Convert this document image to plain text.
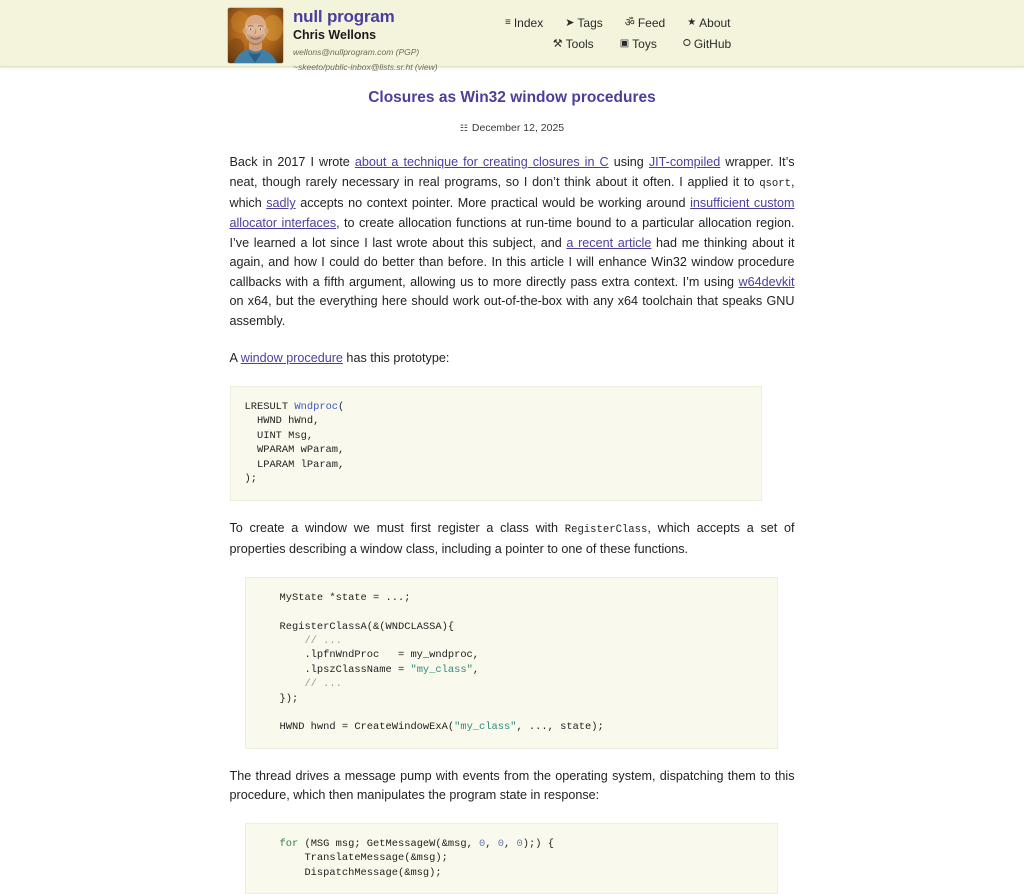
null program
Chris Wellons
wellons@nullprogram.com (PGP)
~skeeto/public-inbox@lists.sr.ht (view)
≡ Index ➤ Tags ॐ Feed ★ About
⚒ Tools	▣ Toys	⭘ GitHub
Closures as Win32 window procedures
☷ December 12, 2025

Back in 2017 I wrote about a technique for creating closures in C using JIT-compiled wrapper. It’s neat, though rarely necessary in real programs, so I don’t think about it often. I applied it to qsort, which sadly accepts no context pointer. More practical would be working around insufficient custom allocator interfaces, to create allocation functions at run-time bound to a particular allocation region. I’ve learned a lot since I last wrote about this subject, and a recent article had me thinking about it again, and how I could do better than before. In this article I will enhance Win32 window procedure callbacks with a fifth argument, allowing us to more directly pass extra context. I’m using w64devkit on x64, but the everything here should work out-of-the-box with any x64 toolchain that speaks GNU assembly.

A window procedure has this prototype:

LRESULT Wndproc(
HWND hWnd,
UINT Msg,
WPARAM wParam,
LPARAM lParam,
);

To create a window we must first register a class with RegisterClass, which accepts a set of properties describing a window class, including a pointer to one of these functions.

MyState *state = ...;

RegisterClassA(&(WNDCLASSA){
// ...
.lpfnWndProc   = my_wndproc,
.lpszClassName = "my_class",
// ...
});

HWND hwnd = CreateWindowExA("my_class", ..., state);

The thread drives a message pump with events from the operating system, dispatching them to this procedure, which then manipulates the program state in response:

for (MSG msg; GetMessageW(&msg, 0, 0, 0);) {
TranslateMessage(&msg);
DispatchMessage(&msg);
